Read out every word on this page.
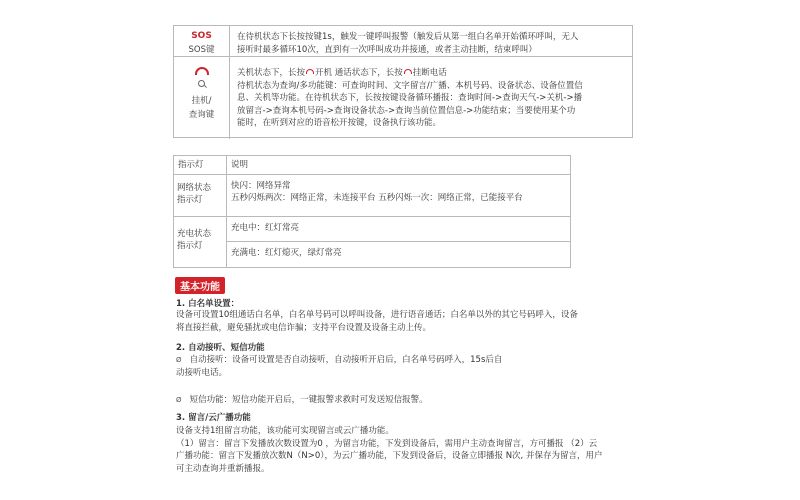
SOS
SOS键
在待机状态下长按按键1s，触发一键呼叫报警（触发后从第一组白名单开始循环呼叫，无人
接听时最多循环10次，直到有一次呼叫成功并接通，或者主动挂断，结束呼叫）
挂机/
查询键
关机状态下，长按 开机 通话状态下，长按 挂断电话
待机状态为查询/多功能键：可查询时间、文字留言/广播、本机号码、设备状态、设备位置信
息、关机等功能。在待机状态下，长按按键设备循环播报：查询时间->查询天气->关机->播
放留言->查询本机号码->查询设备状态->查询当前位置信息->功能结束；当要使用某个功
能时，在听到对应的语音松开按键，设备执行该功能。
指示灯	说明
网络状态
指示灯
快闪：网络异常
五秒闪烁两次：网络正常，未连接平台 五秒闪烁一次：网络正常，已能接平台
充电状态
指示灯
充电中：红灯常亮
充满电：红灯熄灭，绿灯常亮
基本功能
1. 白名单设置：
设备可设置10组通话白名单，白名单号码可以呼叫设备，进行语音通话；白名单以外的其它号码呼入，设备
将直接拦截，避免骚扰或电信诈骗；支持平台设置及设备主动上传。
2. 自动接听、短信功能
Ø 自动接听：设备可设置是否自动接听，自动接听开启后，白名单号码呼入，15s后自
动接听电话。
Ø 短信功能：短信功能开启后，一键报警求救时可发送短信报警。
3. 留言/云广播功能
设备支持1组留言功能，该功能可实现留言或云广播功能。
（1）留言：留言下发播放次数设置为0 ，为留言功能，下发到设备后，需用户主动查询留言，方可播报 （2）云
广播功能：留言下发播放次数N（N>0），为云广播功能，下发到设备后，设备立即播报 N次, 并保存为留言，用户
可主动查询并重新播报。
